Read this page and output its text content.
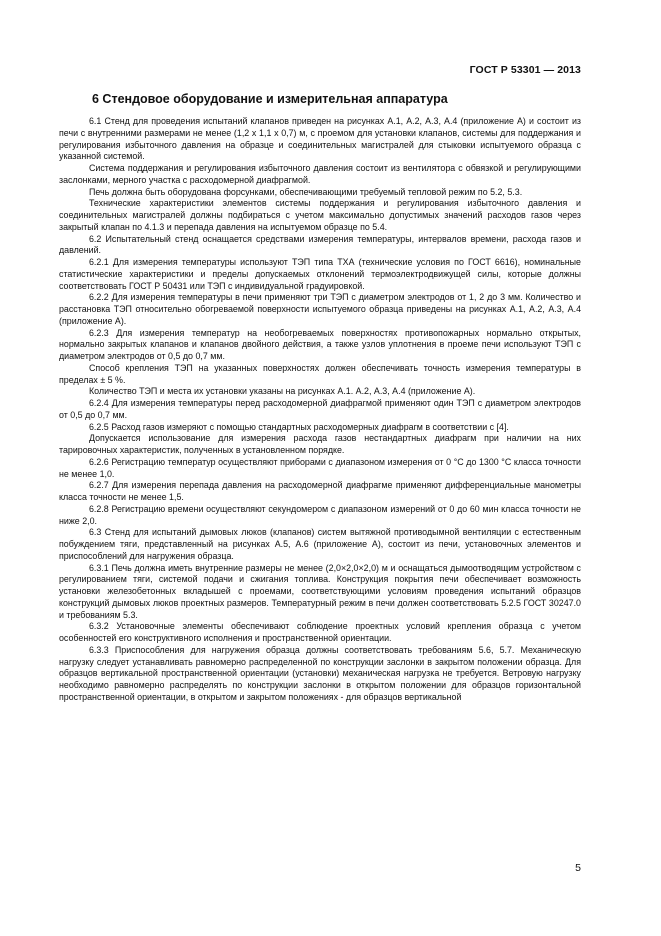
ГОСТ Р 53301 — 2013
6 Стендовое оборудование и измерительная аппаратура

6.1 Стенд для проведения испытаний клапанов приведен на рисунках А.1, А.2, А.3, А.4 (приложение А) и состоит из печи с внутренними размерами не менее (1,2 х 1,1 х 0,7) м, с проемом для установки клапанов, системы для поддержания и регулирования избыточного давления на образце и соединительных магистралей для стыковки испытуемого образца с указанной системой.

Система поддержания и регулирования избыточного давления состоит из вентилятора с обвязкой и регулирующими заслонками, мерного участка с расходомерной диафрагмой.

Печь должна быть оборудована форсунками, обеспечивающими требуемый тепловой режим по 5.2, 5.3.

Технические характеристики элементов системы поддержания и регулирования избыточного давления и соединительных магистралей должны подбираться с учетом максимально допустимых значений расходов газов через закрытый клапан по 4.1.3 и перепада давления на испытуемом образце по 5.4.

6.2 Испытательный стенд оснащается средствами измерения температуры, интервалов времени, расхода газов и давлений.

6.2.1 Для измерения температуры используют ТЭП типа ТХА (технические условия по ГОСТ 6616), номинальные статистические характеристики и пределы допускаемых отклонений термоэлектродвижущей силы, которые должны соответствовать ГОСТ Р 50431 или ТЭП с индивидуальной градуировкой.

6.2.2 Для измерения температуры в печи применяют три ТЭП с диаметром электродов от 1, 2 до 3 мм. Количество и расстановка ТЭП относительно обогреваемой поверхности испытуемого образца приведены на рисунках А.1, А.2, А.3, А.4 (приложение А).

6.2.3 Для измерения температур на необогреваемых поверхностях противопожарных нормально открытых, нормально закрытых клапанов и клапанов двойного действия, а также узлов уплотнения в проеме печи используют ТЭП с диаметром электродов от 0,5 до 0,7 мм.

Способ крепления ТЭП на указанных поверхностях должен обеспечивать точность измерения температуры в пределах ± 5 %.

Количество ТЭП и места их установки указаны на рисунках А.1. А.2, А.3, А.4 (приложение А).

6.2.4 Для измерения температуры перед расходомерной диафрагмой применяют один ТЭП с диаметром электродов от 0,5 до 0,7 мм.

6.2.5 Расход газов измеряют с помощью стандартных расходомерных диафрагм в соответствии с [4].

Допускается использование для измерения расхода газов нестандартных диафрагм при наличии на них тарировочных характеристик, полученных в установленном порядке.

6.2.6 Регистрацию температур осуществляют приборами с диапазоном измерения от 0 °С до 1300 °С класса точности не менее 1,0.

6.2.7 Для измерения перепада давления на расходомерной диафрагме применяют дифференциальные манометры класса точности не менее 1,5.

6.2.8 Регистрацию времени осуществляют секундомером с диапазоном измерений от 0 до 60 мин класса точности не ниже 2,0.

6.3 Стенд для испытаний дымовых люков (клапанов) систем вытяжной противодымной вентиляции с естественным побуждением тяги, представленный на рисунках А.5, А.6 (приложение А), состоит из печи, установочных элементов и приспособлений для нагружения образца.

6.3.1 Печь должна иметь внутренние размеры не менее (2,0×2,0×2,0) м и оснащаться дымоотводящим устройством с регулированием тяги, системой подачи и сжигания топлива. Конструкция покрытия печи обеспечивает возможность установки железобетонных вкладышей с проемами, соответствующими условиям проведения испытаний образцов конструкций дымовых люков проектных размеров. Температурный режим в печи должен соответствовать 5.2.5 ГОСТ 30247.0 и требованиям 5.3.

6.3.2 Установочные элементы обеспечивают соблюдение проектных условий крепления образца с учетом особенностей его конструктивного исполнения и пространственной ориентации.

6.3.3 Приспособления для нагружения образца должны соответствовать требованиям 5.6, 5.7. Механическую нагрузку следует устанавливать равномерно распределенной по конструкции заслонки в закрытом положении образца. Для образцов вертикальной пространственной ориентации (установки) механическая нагрузка не требуется. Ветровую нагрузку необходимо равномерно распределять по конструкции заслонки в открытом положении для образцов горизонтальной пространственной ориентации, в открытом и закрытом положениях - для образцов вертикальной

5
